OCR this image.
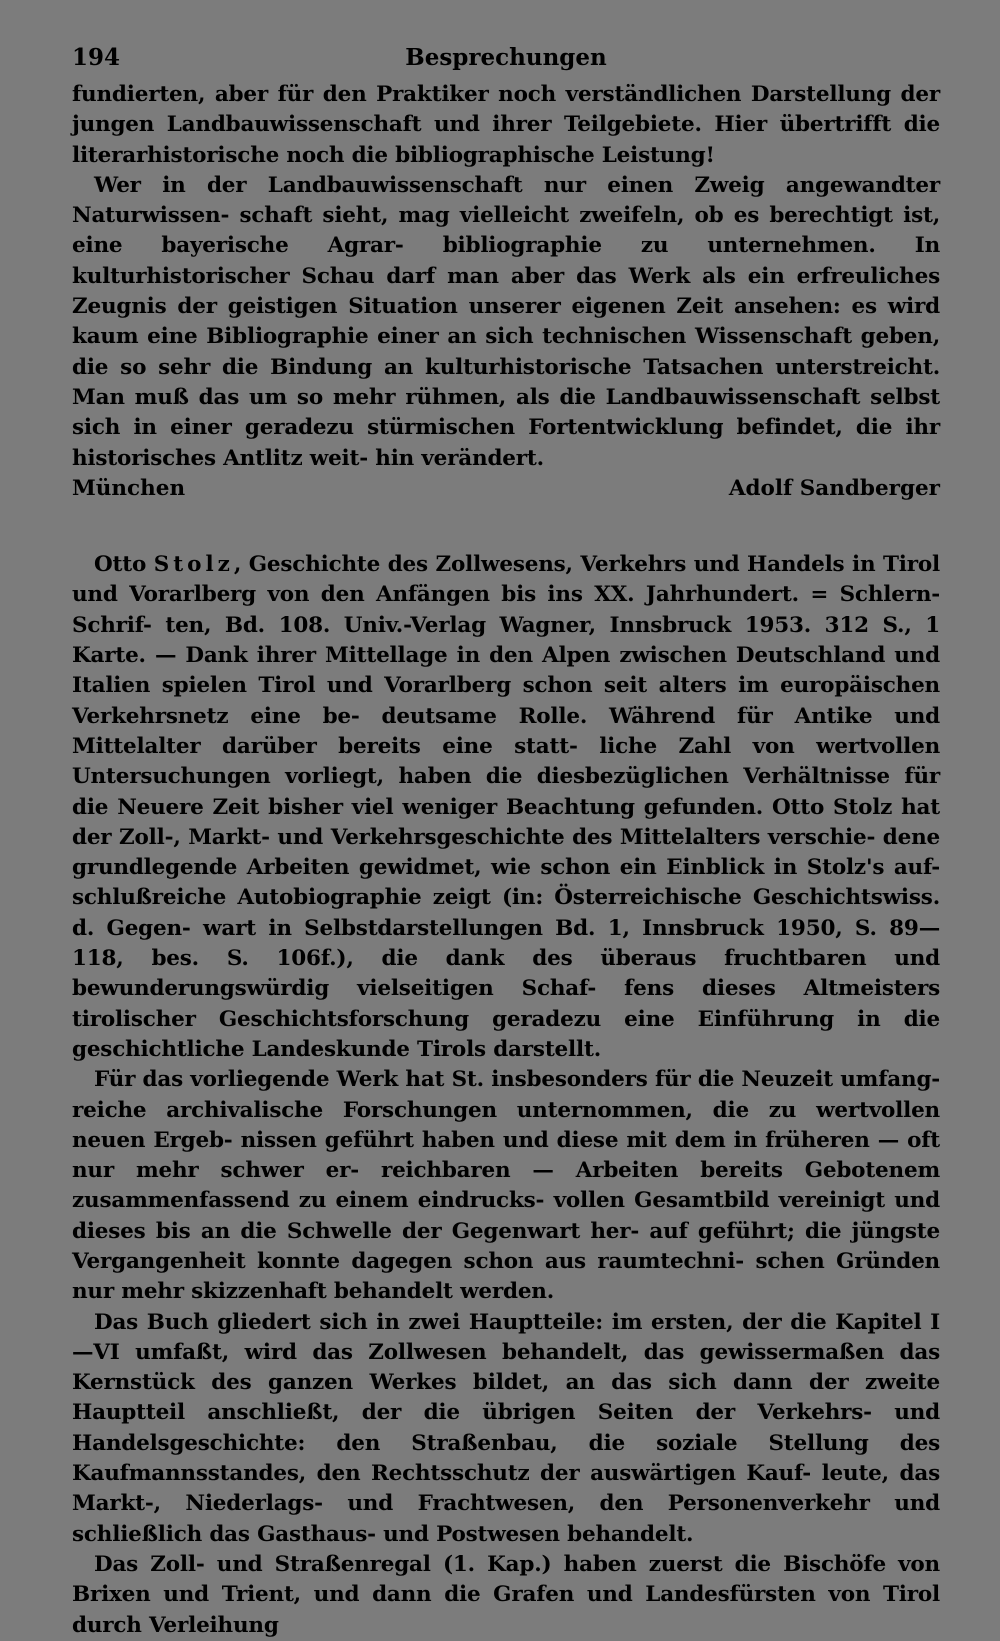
194	Besprechungen

fundierten, aber für den Praktiker noch verständlichen Darstellung der jungen Landbauwissenschaft und ihrer Teilgebiete. Hier übertrifft die literarhistorische noch die bibliographische Leistung!

Wer in der Landbauwissenschaft nur einen Zweig angewandter Naturwissen- schaft sieht, mag vielleicht zweifeln, ob es berechtigt ist, eine bayerische Agrar- bibliographie zu unternehmen. In kulturhistorischer Schau darf man aber das Werk als ein erfreuliches Zeugnis der geistigen Situation unserer eigenen Zeit ansehen: es wird kaum eine Bibliographie einer an sich technischen Wissenschaft geben, die so sehr die Bindung an kulturhistorische Tatsachen unterstreicht. Man muß das um so mehr rühmen, als die Landbauwissenschaft selbst sich in einer geradezu stürmischen Fortentwicklung befindet, die ihr historisches Antlitz weit- hin verändert.

München	Adolf Sandberger

Otto Stolz, Geschichte des Zollwesens, Verkehrs und Handels in Tirol und Vorarlberg von den Anfängen bis ins XX. Jahrhundert. = Schlern-Schrif- ten, Bd. 108. Univ.-Verlag Wagner, Innsbruck 1953. 312 S., 1 Karte. — Dank ihrer Mittellage in den Alpen zwischen Deutschland und Italien spielen Tirol und Vorarlberg schon seit alters im europäischen Verkehrsnetz eine be- deutsame Rolle. Während für Antike und Mittelalter darüber bereits eine statt- liche Zahl von wertvollen Untersuchungen vorliegt, haben die diesbezüglichen Verhältnisse für die Neuere Zeit bisher viel weniger Beachtung gefunden. Otto Stolz hat der Zoll-, Markt- und Verkehrsgeschichte des Mittelalters verschie- dene grundlegende Arbeiten gewidmet, wie schon ein Einblick in Stolz's auf- schlußreiche Autobiographie zeigt (in: Österreichische Geschichtswiss. d. Gegen- wart in Selbstdarstellungen Bd. 1, Innsbruck 1950, S. 89—118, bes. S. 106f.), die dank des überaus fruchtbaren und bewunderungswürdig vielseitigen Schaf- fens dieses Altmeisters tirolischer Geschichtsforschung geradezu eine Einführung in die geschichtliche Landeskunde Tirols darstellt.

Für das vorliegende Werk hat St. insbesonders für die Neuzeit umfang- reiche archivalische Forschungen unternommen, die zu wertvollen neuen Ergeb- nissen geführt haben und diese mit dem in früheren — oft nur mehr schwer er- reichbaren — Arbeiten bereits Gebotenem zusammenfassend zu einem eindrucks- vollen Gesamtbild vereinigt und dieses bis an die Schwelle der Gegenwart her- auf geführt; die jüngste Vergangenheit konnte dagegen schon aus raumtechni- schen Gründen nur mehr skizzenhaft behandelt werden.

Das Buch gliedert sich in zwei Hauptteile: im ersten, der die Kapitel I—VI umfaßt, wird das Zollwesen behandelt, das gewissermaßen das Kernstück des ganzen Werkes bildet, an das sich dann der zweite Hauptteil anschließt, der die übrigen Seiten der Verkehrs- und Handelsgeschichte: den Straßenbau, die soziale Stellung des Kaufmannsstandes, den Rechtsschutz der auswärtigen Kauf- leute, das Markt-, Niederlags- und Frachtwesen, den Personenverkehr und schließlich das Gasthaus- und Postwesen behandelt.

Das Zoll- und Straßenregal (1. Kap.) haben zuerst die Bischöfe von Brixen und Trient, und dann die Grafen und Landesfürsten von Tirol durch Verleihung
